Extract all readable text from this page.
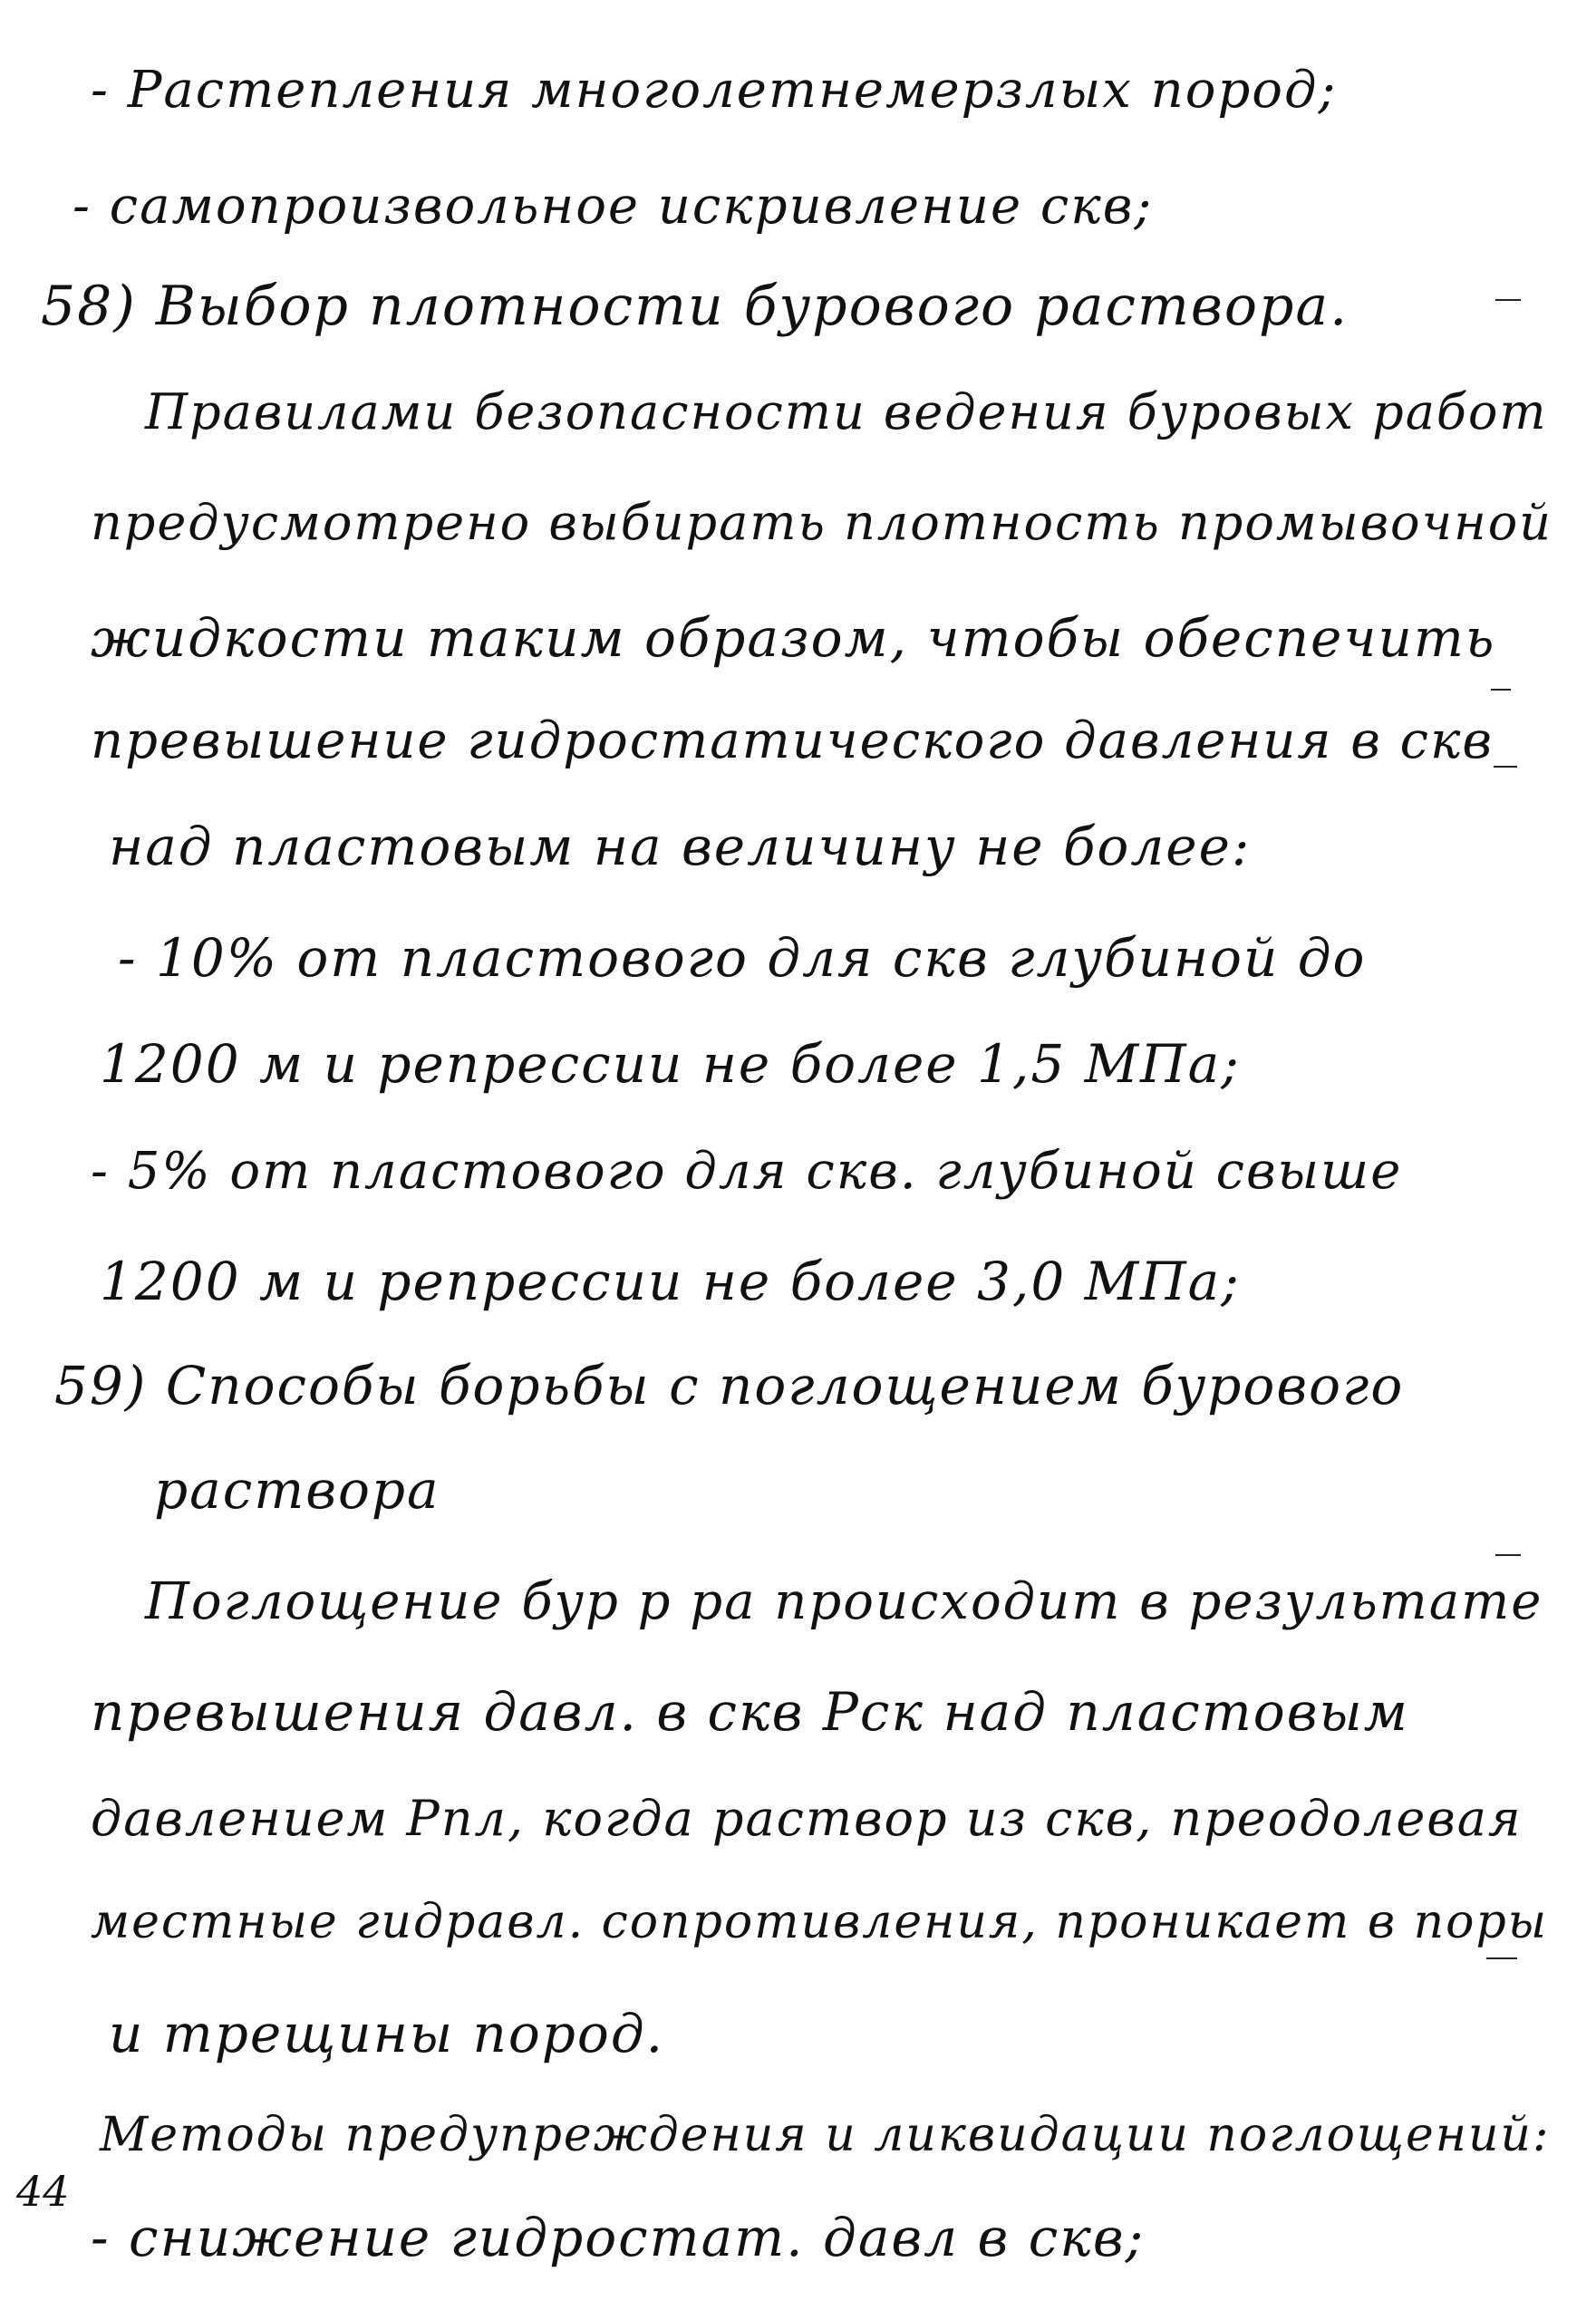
- Растепления многолетнемерзлых пород;
- самопроизвольное искривление скв;
58) Выбор плотности бурового раствора.
Правилами безопасности ведения буровых работ
предусмотрено выбирать плотность промывочной
жидкости таким образом, чтобы обеспечить
превышение гидростатического давления в скв
над пластовым на величину не более:
- 10% от пластового для скв глубиной до
1200 м и репрессии не более 1,5 МПа;
- 5% от пластового для скв. глубиной свыше
1200 м и репрессии не более 3,0 МПа;
59) Способы борьбы с поглощением бурового
раствора
Поглощение бур р ра происходит в результате
превышения давл. в скв Рск над пластовым
давлением Рпл, когда раствор из скв, преодолевая
местные гидравл. сопротивления, проникает в поры
и трещины пород.
Методы предупреждения и ликвидации поглощений:
- снижение гидростат. давл в скв;
44
